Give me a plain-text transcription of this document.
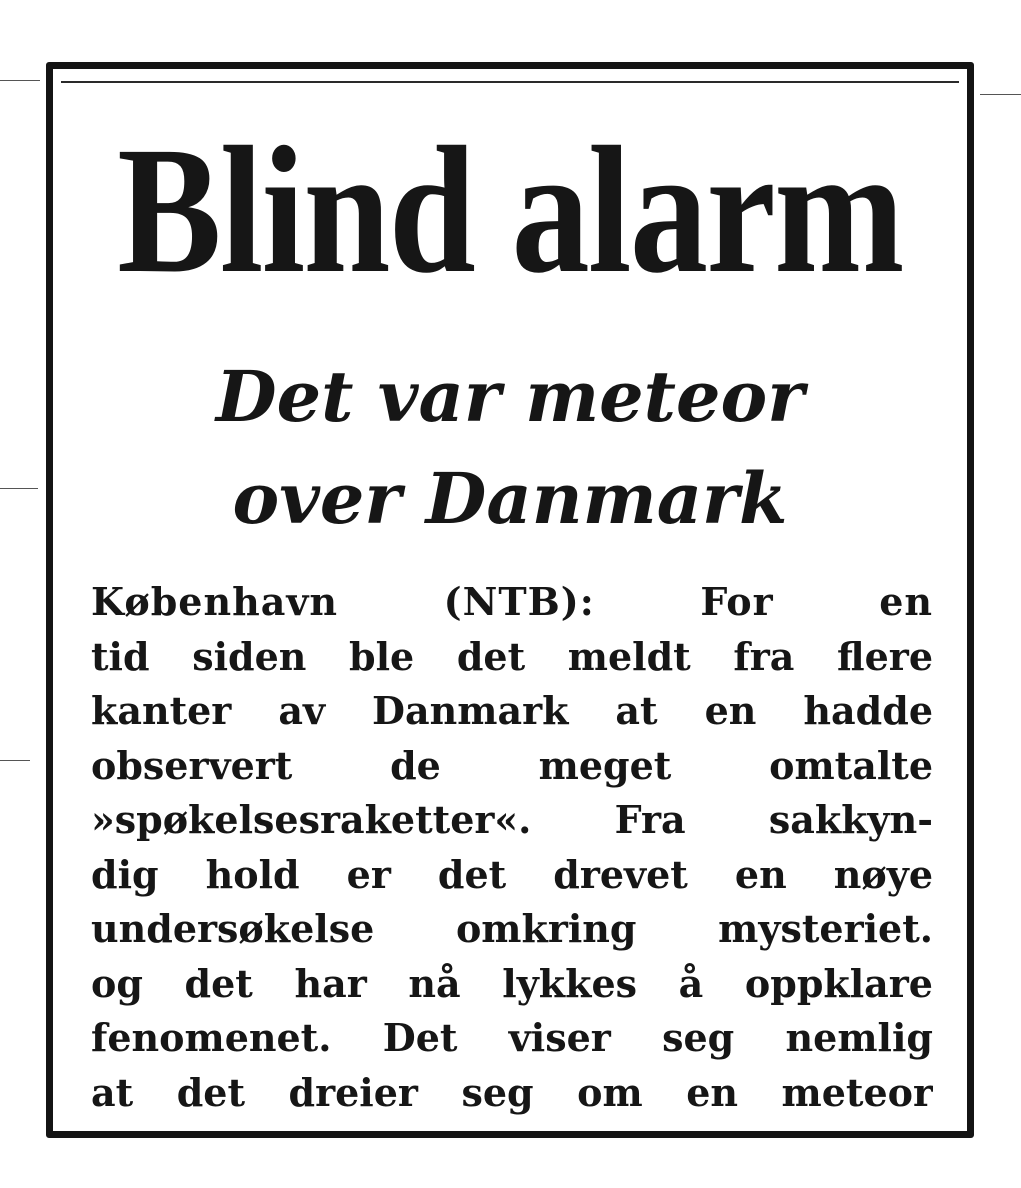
Blind alarm
Det var meteor
over Danmark
København (NTB): For en
tid siden ble det meldt fra flere
kanter av Danmark at en hadde
observert de meget omtalte
»spøkelsesraketter«. Fra sakkyn-
dig hold er det drevet en nøye
undersøkelse omkring mysteriet.
og det har nå lykkes å oppklare
fenomenet. Det viser seg nemlig
at det dreier seg om en meteor
